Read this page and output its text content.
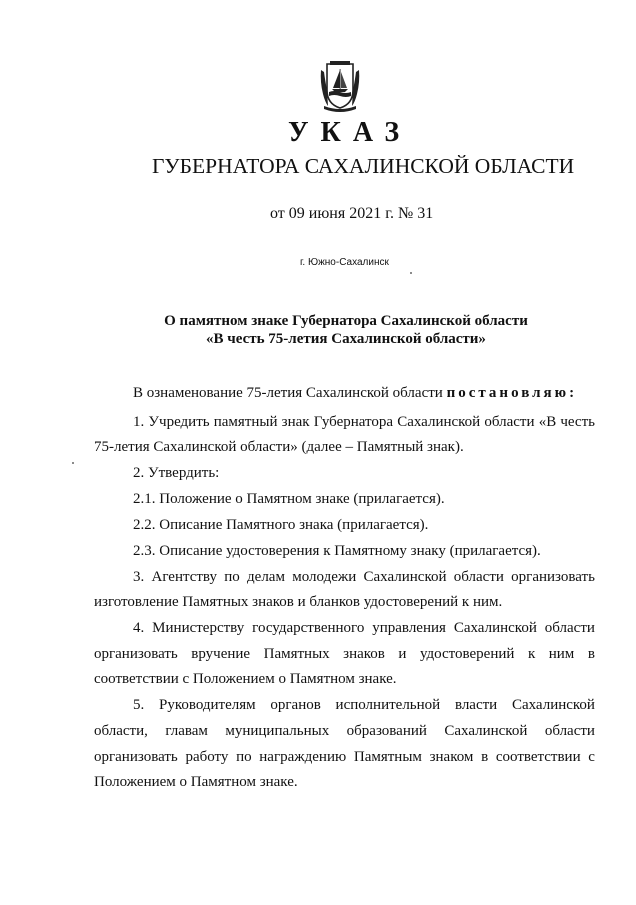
УКАЗ
ГУБЕРНАТОРА САХАЛИНСКОЙ ОБЛАСТИ
от 09 июня 2021 г. № 31
г. Южно-Сахалинск
О памятном знаке Губернатора Сахалинской области
«В честь 75-летия Сахалинской области»
В ознаменование 75-летия Сахалинской области постановляю:
1. Учредить памятный знак Губернатора Сахалинской области «В честь
75-летия Сахалинской области» (далее – Памятный знак).
2. Утвердить:
2.1. Положение о Памятном знаке (прилагается).
2.2. Описание Памятного знака (прилагается).
2.3. Описание удостоверения к Памятному знаку (прилагается).
3. Агентству по делам молодежи Сахалинской области организовать
изготовление Памятных знаков и бланков удостоверений к ним.
4. Министерству государственного управления Сахалинской области
организовать вручение Памятных знаков и удостоверений к ним в
соответствии с Положением о Памятном знаке.
5. Руководителям органов исполнительной власти Сахалинской
области, главам муниципальных образований Сахалинской области
организовать работу по награждению Памятным знаком в соответствии с
Положением о Памятном знаке.
